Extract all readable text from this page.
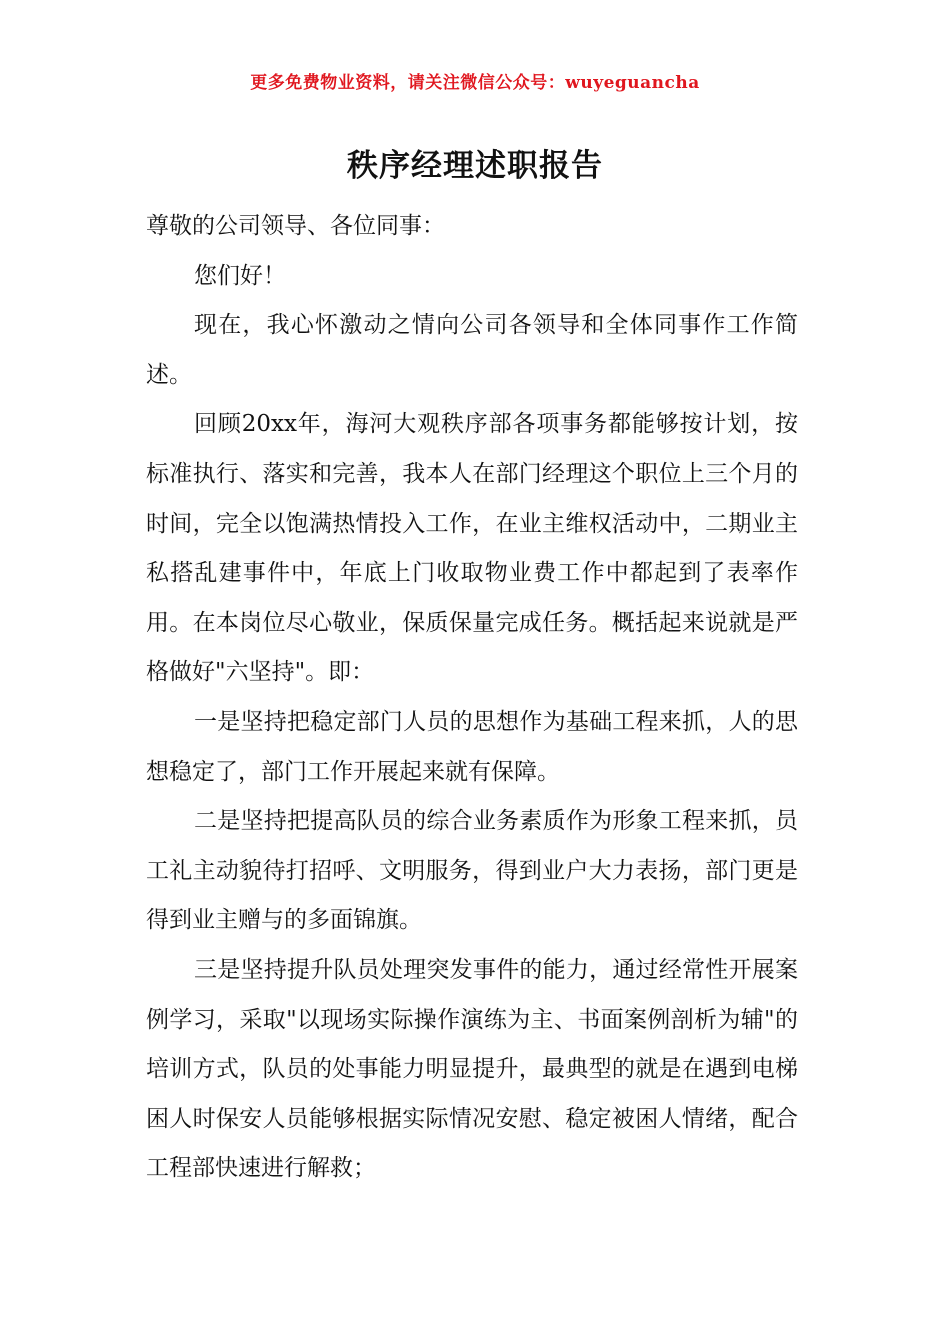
更多免费物业资料，请关注微信公众号：wuyeguancha
秩序经理述职报告

尊敬的公司领导、各位同事：

您们好！

现在，我心怀激动之情向公司各领导和全体同事作工作简述。

回顾20xx年，海河大观秩序部各项事务都能够按计划，按标准执行、落实和完善，我本人在部门经理这个职位上三个月的时间，完全以饱满热情投入工作，在业主维权活动中，二期业主私搭乱建事件中，年底上门收取物业费工作中都起到了表率作用。在本岗位尽心敬业，保质保量完成任务。概括起来说就是严格做好"六坚持"。即：

一是坚持把稳定部门人员的思想作为基础工程来抓，人的思想稳定了，部门工作开展起来就有保障。

二是坚持把提高队员的综合业务素质作为形象工程来抓，员工礼主动貌待打招呼、文明服务，得到业户大力表扬，部门更是得到业主赠与的多面锦旗。

三是坚持提升队员处理突发事件的能力，通过经常性开展案例学习，采取"以现场实际操作演练为主、书面案例剖析为辅"的培训方式，队员的处事能力明显提升，最典型的就是在遇到电梯困人时保安人员能够根据实际情况安慰、稳定被困人情绪，配合工程部快速进行解救；
